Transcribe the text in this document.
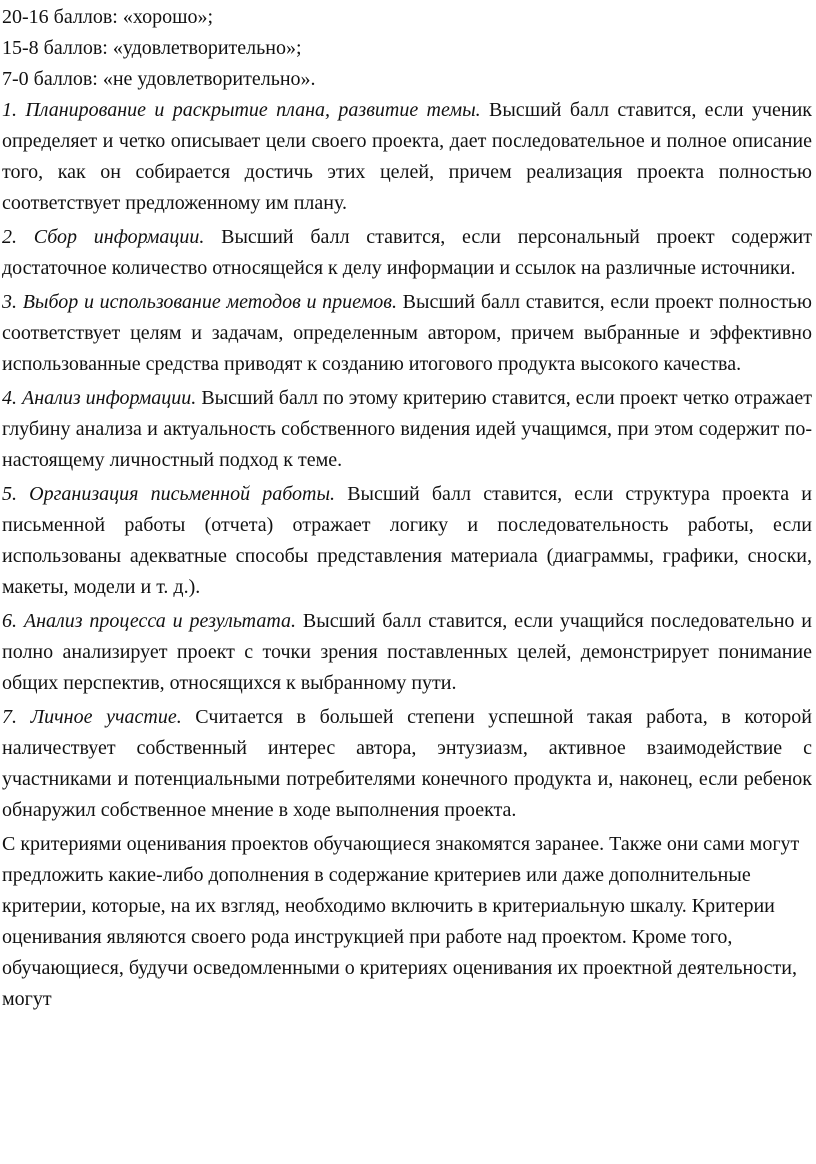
20-16 баллов: «хорошо»;

15-8 баллов: «удовлетворительно»;

7-0 баллов: «не удовлетворительно».

1. Планирование и раскрытие плана, развитие темы. Высший балл ставится, если ученик определяет и четко описывает цели своего проекта, дает последовательное и полное описание того, как он собирается достичь этих целей, причем реализация проекта полностью соответствует предложенному им плану.

2. Сбор информации. Высший балл ставится, если персональный проект содержит достаточное количество относящейся к делу информации и ссылок на различные источники.

3. Выбор и использование методов и приемов. Высший балл ставится, если проект полностью соответствует целям и задачам, определенным автором, причем выбранные и эффективно использованные средства приводят к созданию итогового продукта высокого качества.

4. Анализ информации. Высший балл по этому критерию ставится, если проект четко отражает глубину анализа и актуальность собственного видения идей учащимся, при этом содержит по-настоящему личностный подход к теме.

5. Организация письменной работы. Высший балл ставится, если структура проекта и письменной работы (отчета) отражает логику и последовательность работы, если использованы адекватные способы представления материала (диаграммы, графики, сноски, макеты, модели и т. д.).

6. Анализ процесса и результата. Высший балл ставится, если учащийся последовательно и полно анализирует проект с точки зрения поставленных целей, демонстрирует понимание общих перспектив, относящихся к выбранному пути.

7. Личное участие. Считается в большей степени успешной такая работа, в которой наличествует собственный интерес автора, энтузиазм, активное взаимодействие с участниками и потенциальными потребителями конечного продукта и, наконец, если ребенок обнаружил собственное мнение в ходе выполнения проекта.

С критериями оценивания проектов обучающиеся знакомятся заранее. Также они сами могут предложить какие-либо дополнения в содержание критериев или даже дополнительные критерии, которые, на их взгляд, необходимо включить в критериальную шкалу. Критерии оценивания являются своего рода инструкцией при работе над проектом. Кроме того, обучающиеся, будучи осведомленными о критериях оценивания их проектной деятельности, могут
